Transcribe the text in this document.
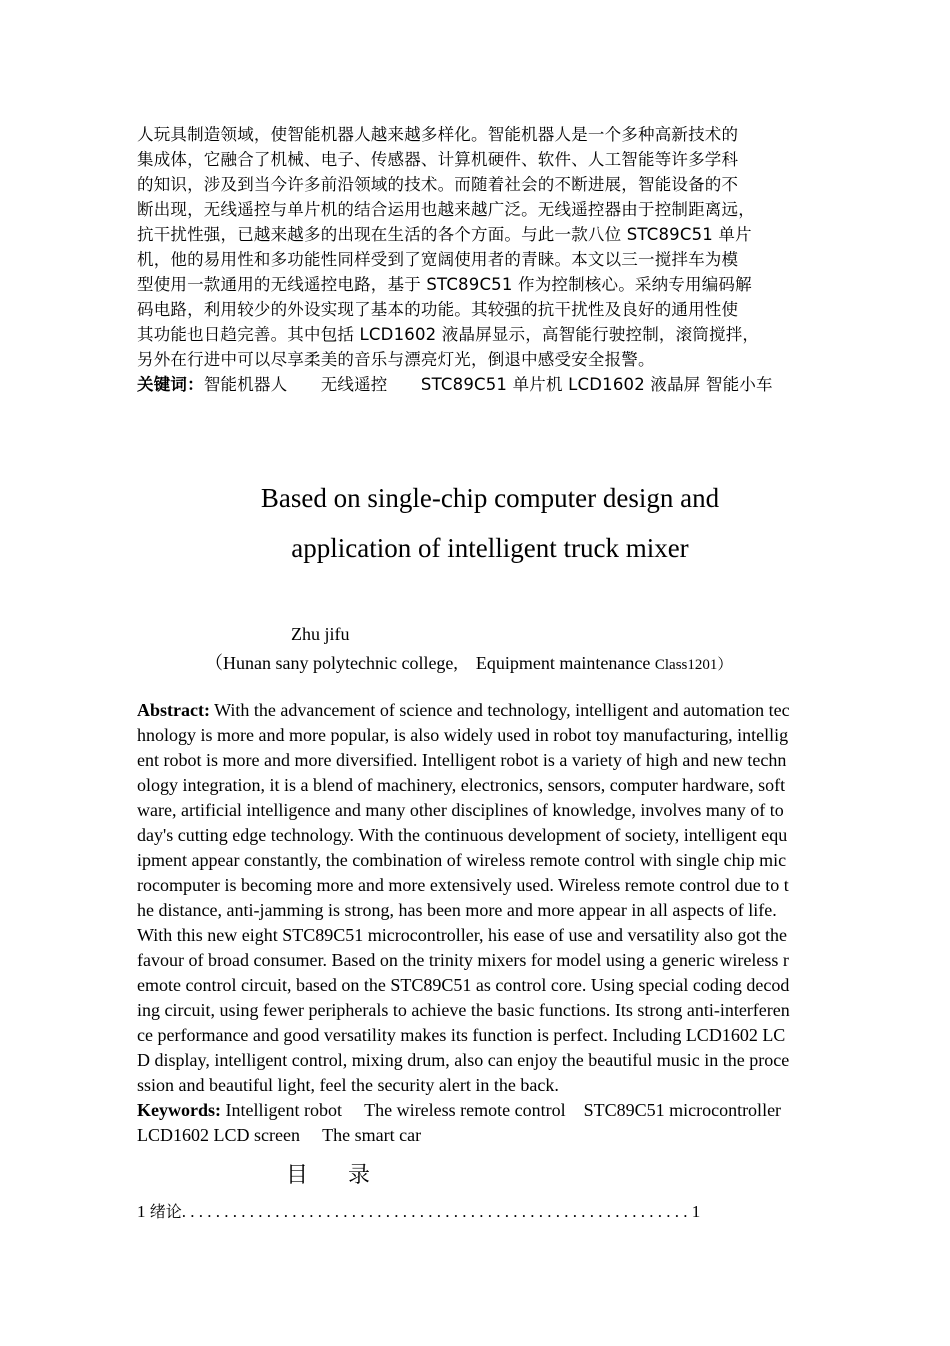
人玩具制造领域，使智能机器人越来越多样化。智能机器人是一个多种高新技术的
集成体，它融合了机械、电子、传感器、计算机硬件、软件、人工智能等许多学科
的知识，涉及到当今许多前沿领域的技术。而随着社会的不断进展，智能设备的不
断出现，无线遥控与单片机的结合运用也越来越广泛。无线遥控器由于控制距离远，
抗干扰性强，已越来越多的出现在生活的各个方面。与此一款八位 STC89C51 单片
机，他的易用性和多功能性同样受到了宽阔使用者的青睐。本文以三一搅拌车为模
型使用一款通用的无线遥控电路，基于 STC89C51 作为控制核心。采纳专用编码解
码电路，利用较少的外设实现了基本的功能。其较强的抗干扰性及良好的通用性使
其功能也日趋完善。其中包括 LCD1602 液晶屏显示，高智能行驶控制，滚筒搅拌，
另外在行进中可以尽享柔美的音乐与漂亮灯光，倒退中感受安全报警。
关键词：智能机器人　　无线遥控　　STC89C51 单片机 LCD1602 液晶屏 智能小车
Based on single-chip computer design and
application of intelligent truck mixer
Zhu jifu
（Hunan sany polytechnic college,　Equipment maintenance Class1201）
Abstract: With the advancement of science and technology, intelligent and automation tec
hnology is more and more popular, is also widely used in robot toy manufacturing, intellig
ent robot is more and more diversified. Intelligent robot is a variety of high and new techn
ology integration, it is a blend of machinery, electronics, sensors, computer hardware, soft
ware, artificial intelligence and many other disciplines of knowledge, involves many of to
day's cutting edge technology. With the continuous development of society, intelligent equ
ipment appear constantly, the combination of wireless remote control with single chip mic
rocomputer is becoming more and more extensively used. Wireless remote control due to t
he distance, anti-jamming is strong, has been more and more appear in all aspects of life.
With this new eight STC89C51 microcontroller, his ease of use and versatility also got the
favour of broad consumer. Based on the trinity mixers for model using a generic wireless r
emote control circuit, based on the STC89C51 as control core. Using special coding decod
ing circuit, using fewer peripherals to achieve the basic functions. Its strong anti-interferen
ce performance and good versatility makes its function is perfect. Including LCD1602 LC
D display, intelligent control, mixing drum, also can enjoy the beautiful music in the proce
ssion and beautiful light, feel the security alert in the back.
Keywords: Intelligent robot　 The wireless remote control　STC89C51 microcontroller
LCD1602 LCD screen　 The smart car
目录
1 绪论. . . . . . . . . . . . . . . . . . . . . . . . . . . . . . . . . . . . . . . . . . . . . . . . . . . . . . . . . . . . 1
